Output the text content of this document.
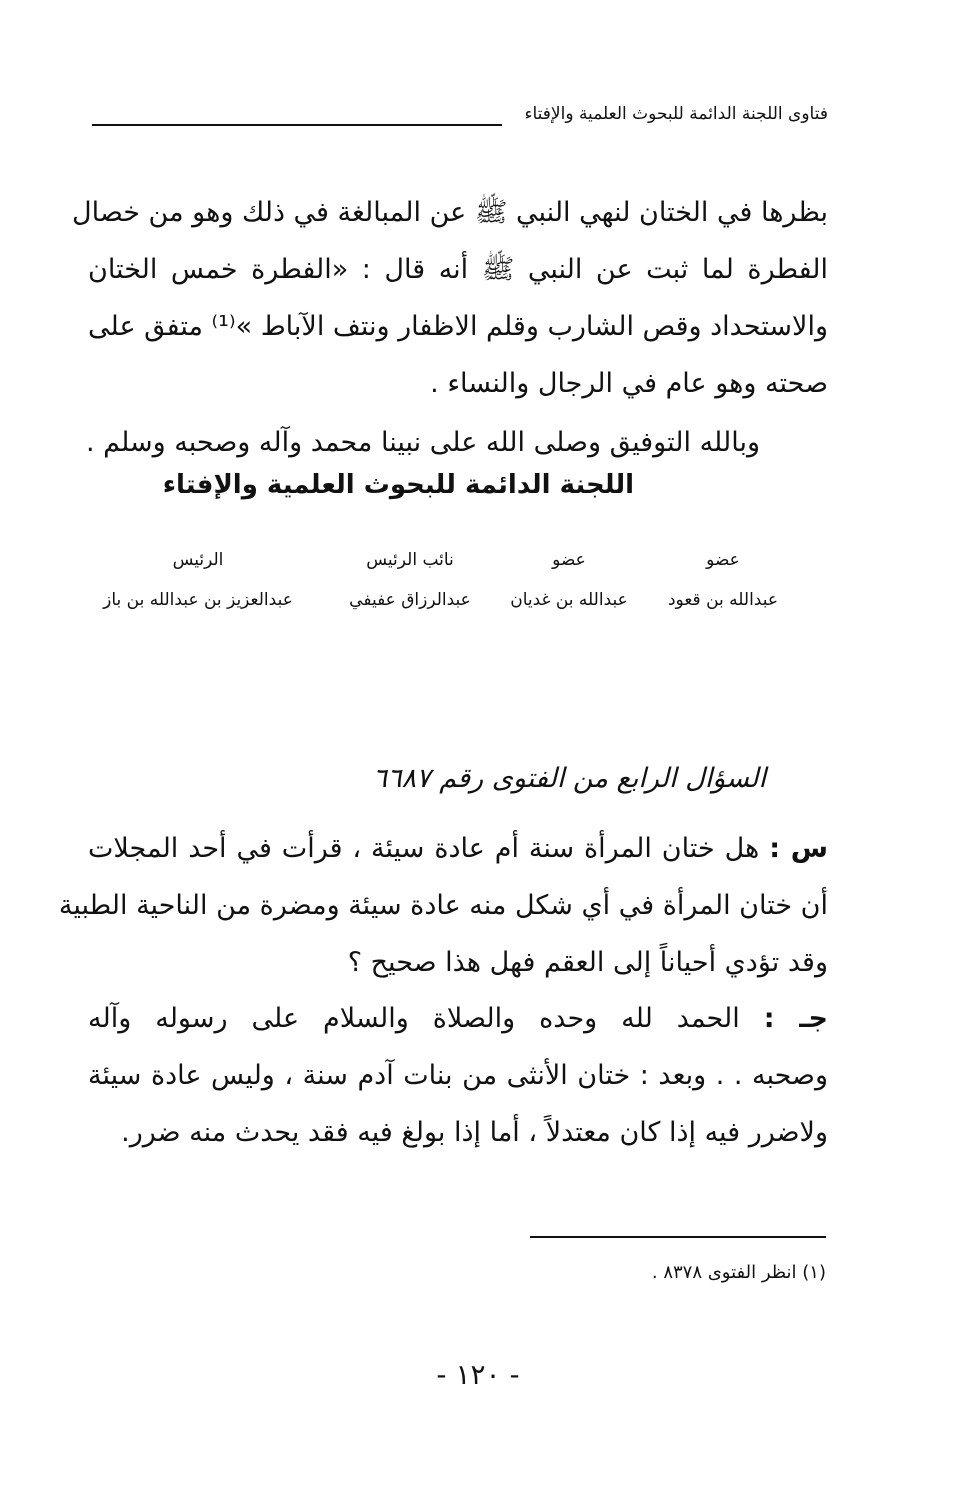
فتاوى اللجنة الدائمة للبحوث العلمية والإفتاء
بظرها في الختان لنهي النبي ﷺ عن المبالغة في ذلك وهو من خصال
الفطرة لما ثبت عن النبي ﷺ أنه قال : «الفطرة خمس الختان
والاستحداد وقص الشارب وقلم الاظفار ونتف الآباط »⁽¹⁾ متفق على
صحته وهو عام في الرجال والنساء .
وبالله التوفيق وصلى الله على نبينا محمد وآله وصحبه وسلم .
اللجنة الدائمة للبحوث العلمية والإفتاء
عضو
عبدالله بن قعود
عضو
عبدالله بن غديان
نائب الرئيس
عبدالرزاق عفيفي
الرئيس
عبدالعزيز بن عبدالله بن باز
السؤال الرابع من الفتوى رقم ٦٦٨٧
س : هل ختان المرأة سنة أم عادة سيئة ، قرأت في أحد المجلات
أن ختان المرأة في أي شكل منه عادة سيئة ومضرة من الناحية الطبية
وقد تؤدي أحياناً إلى العقم فهل هذا صحيح ؟
جـ : الحمد لله وحده والصلاة والسلام على رسوله وآله
وصحبه . . وبعد : ختان الأنثى من بنات آدم سنة ، وليس عادة سيئة
ولاضرر فيه إذا كان معتدلاً ، أما إذا بولغ فيه فقد يحدث منه ضرر.
(١) انظر الفتوى ٨٣٧٨ .
- ١٢٠ -
